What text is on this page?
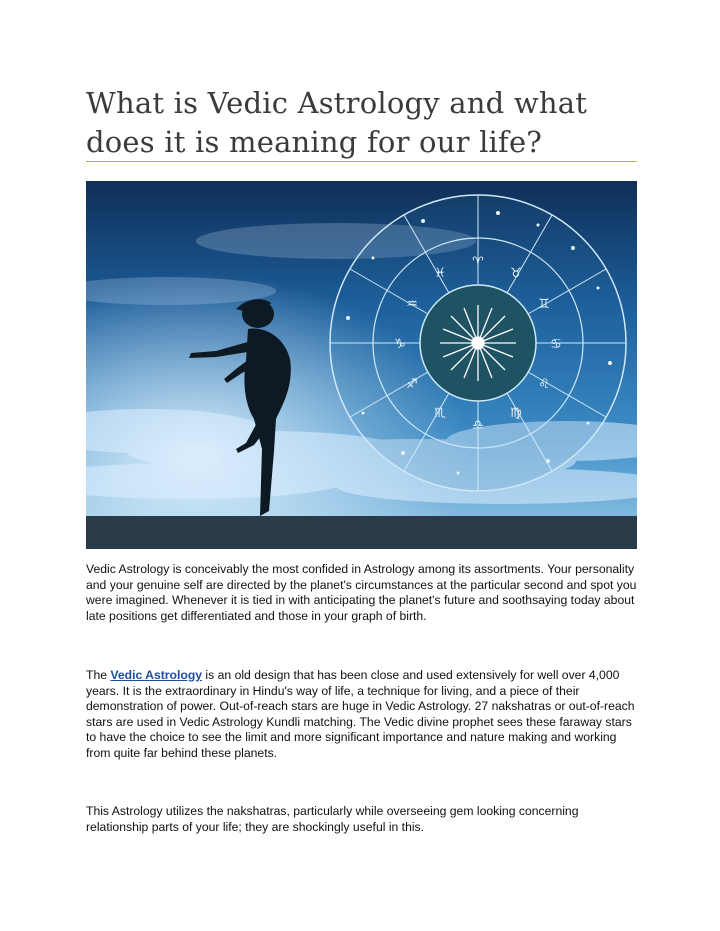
What is Vedic Astrology and what does it is meaning for our life?
♈
♉
♊
♋
♌
♍
♎
♏
♐
♑
♒
♓

Vedic Astrology is conceivably the most confided in Astrology among its assortments. Your personality and your genuine self are directed by the planet's circumstances at the particular second and spot you were imagined. Whenever it is tied in with anticipating the planet's future and soothsaying today about late positions get differentiated and those in your graph of birth.

The Vedic Astrology is an old design that has been close and used extensively for well over 4,000 years. It is the extraordinary in Hindu's way of life, a technique for living, and a piece of their demonstration of power. Out-of-reach stars are huge in Vedic Astrology. 27 nakshatras or out-of-reach stars are used in Vedic Astrology Kundli matching. The Vedic divine prophet sees these faraway stars to have the choice to see the limit and more significant importance and nature making and working from quite far behind these planets.

This Astrology utilizes the nakshatras, particularly while overseeing gem looking concerning relationship parts of your life; they are shockingly useful in this.
